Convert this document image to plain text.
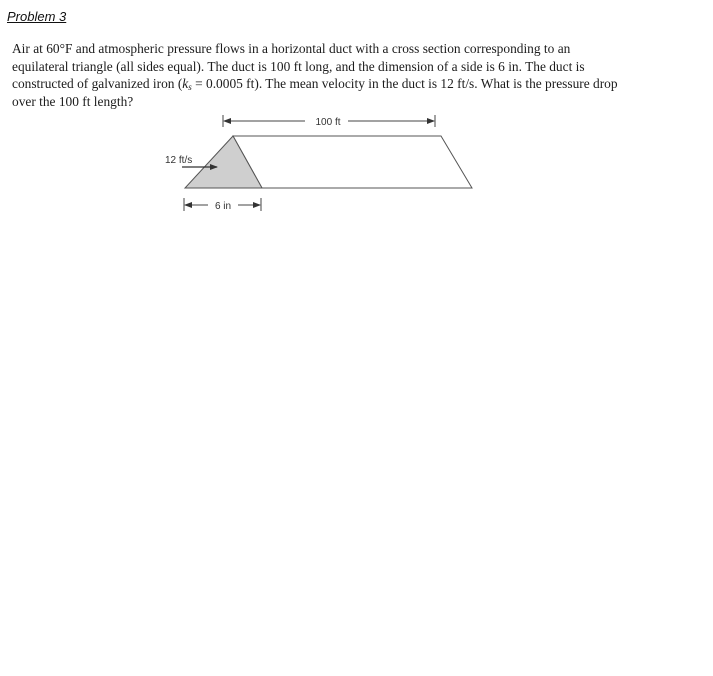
Problem 3

Air at 60°F and atmospheric pressure flows in a horizontal duct with a cross section corresponding to an equilateral triangle (all sides equal). The duct is 100 ft long, and the dimension of a side is 6 in. The duct is constructed of galvanized iron ($k_s = 0.0005$ ft). The mean velocity in the duct is 12 ft/s. What is the pressure drop over the 100 ft length?

100 ft
12 ft/s
6 in
